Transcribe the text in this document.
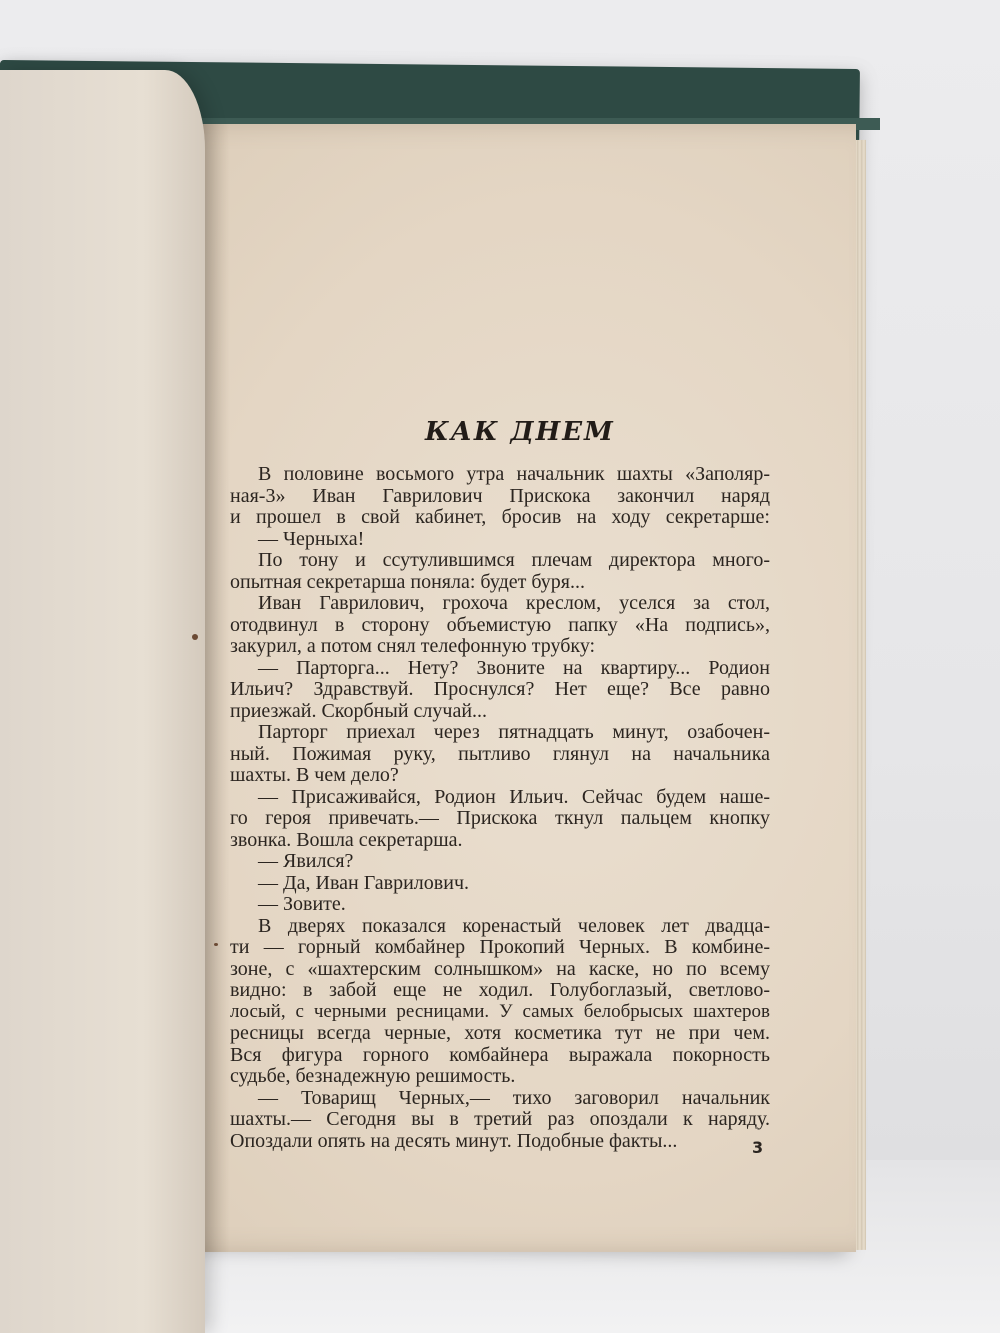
КАК ДНЕМ

В половине восьмого утра начальник шахты «Заполяр-

ная-3» Иван Гаврилович Прискока закончил наряд

и прошел в свой кабинет, бросив на ходу секретарше:

— Черныха!

По тону и ссутулившимся плечам директора много-

опытная секретарша поняла: будет буря...

Иван Гаврилович, грохоча креслом, уселся за стол,

отодвинул в сторону объемистую папку «На подпись»,

закурил, а потом снял телефонную трубку:

— Парторга... Нету? Звоните на квартиру... Родион

Ильич? Здравствуй. Проснулся? Нет еще? Все равно

приезжай. Скорбный случай...

Парторг приехал через пятнадцать минут, озабочен-

ный. Пожимая руку, пытливо глянул на начальника

шахты. В чем дело?

— Присаживайся, Родион Ильич. Сейчас будем наше-

го героя привечать.— Прискока ткнул пальцем кнопку

звонка. Вошла секретарша.

— Явился?

— Да, Иван Гаврилович.

— Зовите.

В дверях показался коренастый человек лет двадца-

ти — горный комбайнер Прокопий Черных. В комбине-

зоне, с «шахтерским солнышком» на каске, но по всему

видно: в забой еще не ходил. Голубоглазый, светлово-

лосый, с черными ресницами. У самых белобрысых шахтеров

ресницы всегда черные, хотя косметика тут не при чем.

Вся фигура горного комбайнера выражала покорность

судьбе, безнадежную решимость.

— Товарищ Черных,— тихо заговорил начальник

шахты.— Сегодня вы в третий раз опоздали к наряду.

Опоздали опять на десять минут. Подобные факты...	3
